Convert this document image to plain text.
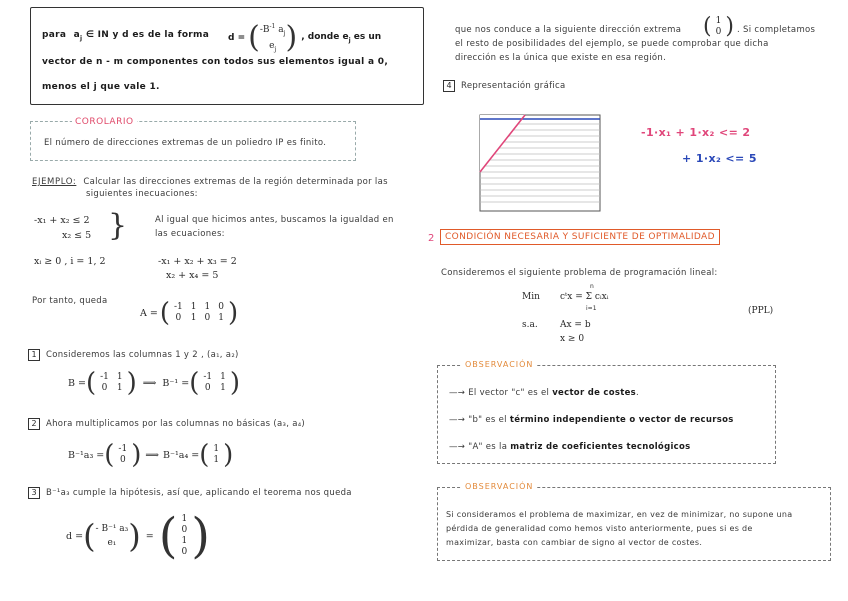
para $a_j$ ∈ IN y d es de la forma d = ( $-B^{-1}$ $a_j$
$e_j$ ) , donde $e_j$ es un
vector de n - m componentes con todos sus elementos igual a 0,
menos el j que vale 1.
COROLARIO
El número de direcciones extremas de un poliedro IP es finito.
EJEMPLO: Calcular las direcciones extremas de la región determinada por las
siguientes inecuaciones:
-x₁ + x₂ ≤ 2
x₂ ≤ 5 }	Al igual que hicimos antes, buscamos la igualdad en
las ecuaciones:
xᵢ ≥ 0 , i = 1, 2	-x₁ + x₂ + x₃ = 2
x₂ + x₄ = 5
Por tanto, queda
A = ( -1	1	1	0
0	1	0	1 )
1	Consideremos las columnas 1 y 2 , (a₁, a₂)
B = ( -1	1
0	1 ) ⟹ B⁻¹ = ( -1	1
0	1 )
2	Ahora multiplicamos por las columnas no básicas (a₃, a₄)
B⁻¹a₃ = ( -1
0 ) ⟹ B⁻¹a₄ = ( 1
1 )
3	B⁻¹a₃ cumple la hipótesis, así que, aplicando el teorema nos queda
d = ( - B⁻¹ a₃
e₁ ) = ( 1
0
1
0 )
que nos conduce a la siguiente dirección extrema ( 1
0 ) . Si completamos
el resto de posibilidades del ejemplo, se puede comprobar que dicha
dirección es la única que existe en esa región.
4	Representación gráfica
-1·x₁ + 1·x₂ <= 2
+ 1·x₂ <= 5
2	CONDICIÓN NECESARIA Y SUFICIENTE DE OPTIMALIDAD
Consideremos el siguiente problema de programación lineal:
Min cᵗx = Σ cᵢxᵢ
n
i=1
s.a. Ax = b
x ≥ 0
(PPL)
OBSERVACIÓN
—→ El vector "c" es el vector de costes.
—→ "b" es el término independiente o vector de recursos
—→ "A" es la matriz de coeficientes tecnológicos
OBSERVACIÓN
Si consideramos el problema de maximizar, en vez de minimizar, no supone una
pérdida de generalidad como hemos visto anteriormente, pues si es de
maximizar, basta con cambiar de signo al vector de costes.
